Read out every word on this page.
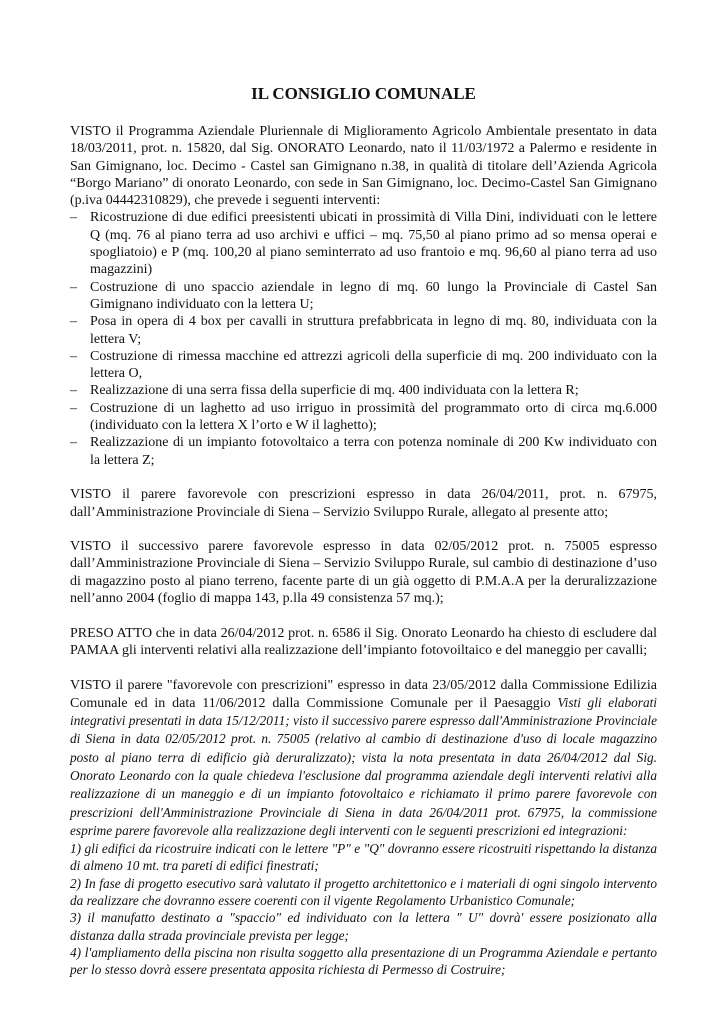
IL CONSIGLIO COMUNALE

VISTO il Programma Aziendale Pluriennale di Miglioramento Agricolo Ambientale presentato in data 18/03/2011, prot. n. 15820, dal Sig. ONORATO Leonardo, nato il 11/03/1972 a Palermo e residente in San Gimignano, loc. Decimo - Castel san Gimignano n.38, in qualità di titolare dell’Azienda Agricola “Borgo Mariano” di onorato Leonardo, con sede in San Gimignano, loc. Decimo-Castel San Gimignano (p.iva 04442310829), che prevede i seguenti interventi:

– Ricostruzione di due edifici preesistenti ubicati in prossimità di Villa Dini, individuati con le lettere Q (mq. 76 al piano terra ad uso archivi e uffici – mq. 75,50 al piano primo ad so mensa operai e spogliatoio) e P (mq. 100,20 al piano seminterrato ad uso frantoio e mq. 96,60 al piano terra ad uso magazzini)
– Costruzione di uno spaccio aziendale in legno di mq. 60 lungo la Provinciale di Castel San Gimignano individuato con la lettera U;
– Posa in opera di 4 box per cavalli in struttura prefabbricata in legno di mq. 80, individuata con la lettera V;
– Costruzione di rimessa macchine ed attrezzi agricoli della superficie di mq. 200 individuato con la lettera O,
– Realizzazione di una serra fissa della superficie di mq. 400 individuata con la lettera R;
– Costruzione di un laghetto ad uso irriguo in prossimità del programmato orto di circa mq.6.000 (individuato con la lettera X l’orto e W il laghetto);
– Realizzazione di un impianto fotovoltaico a terra con potenza nominale di 200 Kw individuato con la lettera Z;

VISTO il parere favorevole con prescrizioni espresso in data 26/04/2011, prot. n. 67975, dall’Amministrazione Provinciale di Siena – Servizio Sviluppo Rurale, allegato al presente atto;

VISTO il successivo parere favorevole espresso in data 02/05/2012 prot. n. 75005 espresso dall’Amministrazione Provinciale di Siena – Servizio Sviluppo Rurale, sul cambio di destinazione d’uso di magazzino posto al piano terreno, facente parte di un già oggetto di P.M.A.A per la deruralizzazione nell’anno 2004 (foglio di mappa 143, p.lla 49 consistenza 57 mq.);

PRESO ATTO che in data 26/04/2012 prot. n. 6586 il Sig. Onorato Leonardo ha chiesto di escludere dal PAMAA gli interventi relativi alla realizzazione dell’impianto fotovoiltaico e del maneggio per cavalli;

VISTO il parere "favorevole con prescrizioni" espresso in data 23/05/2012 dalla Commissione Edilizia Comunale ed in data 11/06/2012 dalla Commissione Comunale per il Paesaggio Visti gli elaborati integrativi presentati in data 15/12/2011; visto il successivo parere espresso dall'Amministrazione Provinciale di Siena in data 02/05/2012 prot. n. 75005 (relativo al cambio di destinazione d'uso di locale magazzino posto al piano terra di edificio già deruralizzato); vista la nota presentata in data 26/04/2012 dal Sig. Onorato Leonardo con la quale chiedeva l'esclusione dal programma aziendale degli interventi relativi alla realizzazione di un maneggio e di un impianto fotovoltaico e richiamato il primo parere favorevole con prescrizioni dell'Amministrazione Provinciale di Siena in data 26/04/2011 prot. 67975, la commissione esprime parere favorevole alla realizzazione degli interventi con le seguenti prescrizioni ed integrazioni:

1) gli edifici da ricostruire indicati con le lettere "P" e "Q" dovranno essere ricostruiti rispettando la distanza di almeno 10 mt. tra pareti di edifici finestrati;

2) In fase di progetto esecutivo sarà valutato il progetto architettonico e i materiali di ogni singolo intervento da realizzare che dovranno essere coerenti con il vigente Regolamento Urbanistico Comunale;

3) il manufatto destinato a "spaccio" ed individuato con la lettera " U" dovrà' essere posizionato alla distanza dalla strada provinciale prevista per legge;

4) l'ampliamento della piscina non risulta soggetto alla presentazione di un Programma Aziendale e pertanto per lo stesso dovrà essere presentata apposita richiesta di Permesso di Costruire;
